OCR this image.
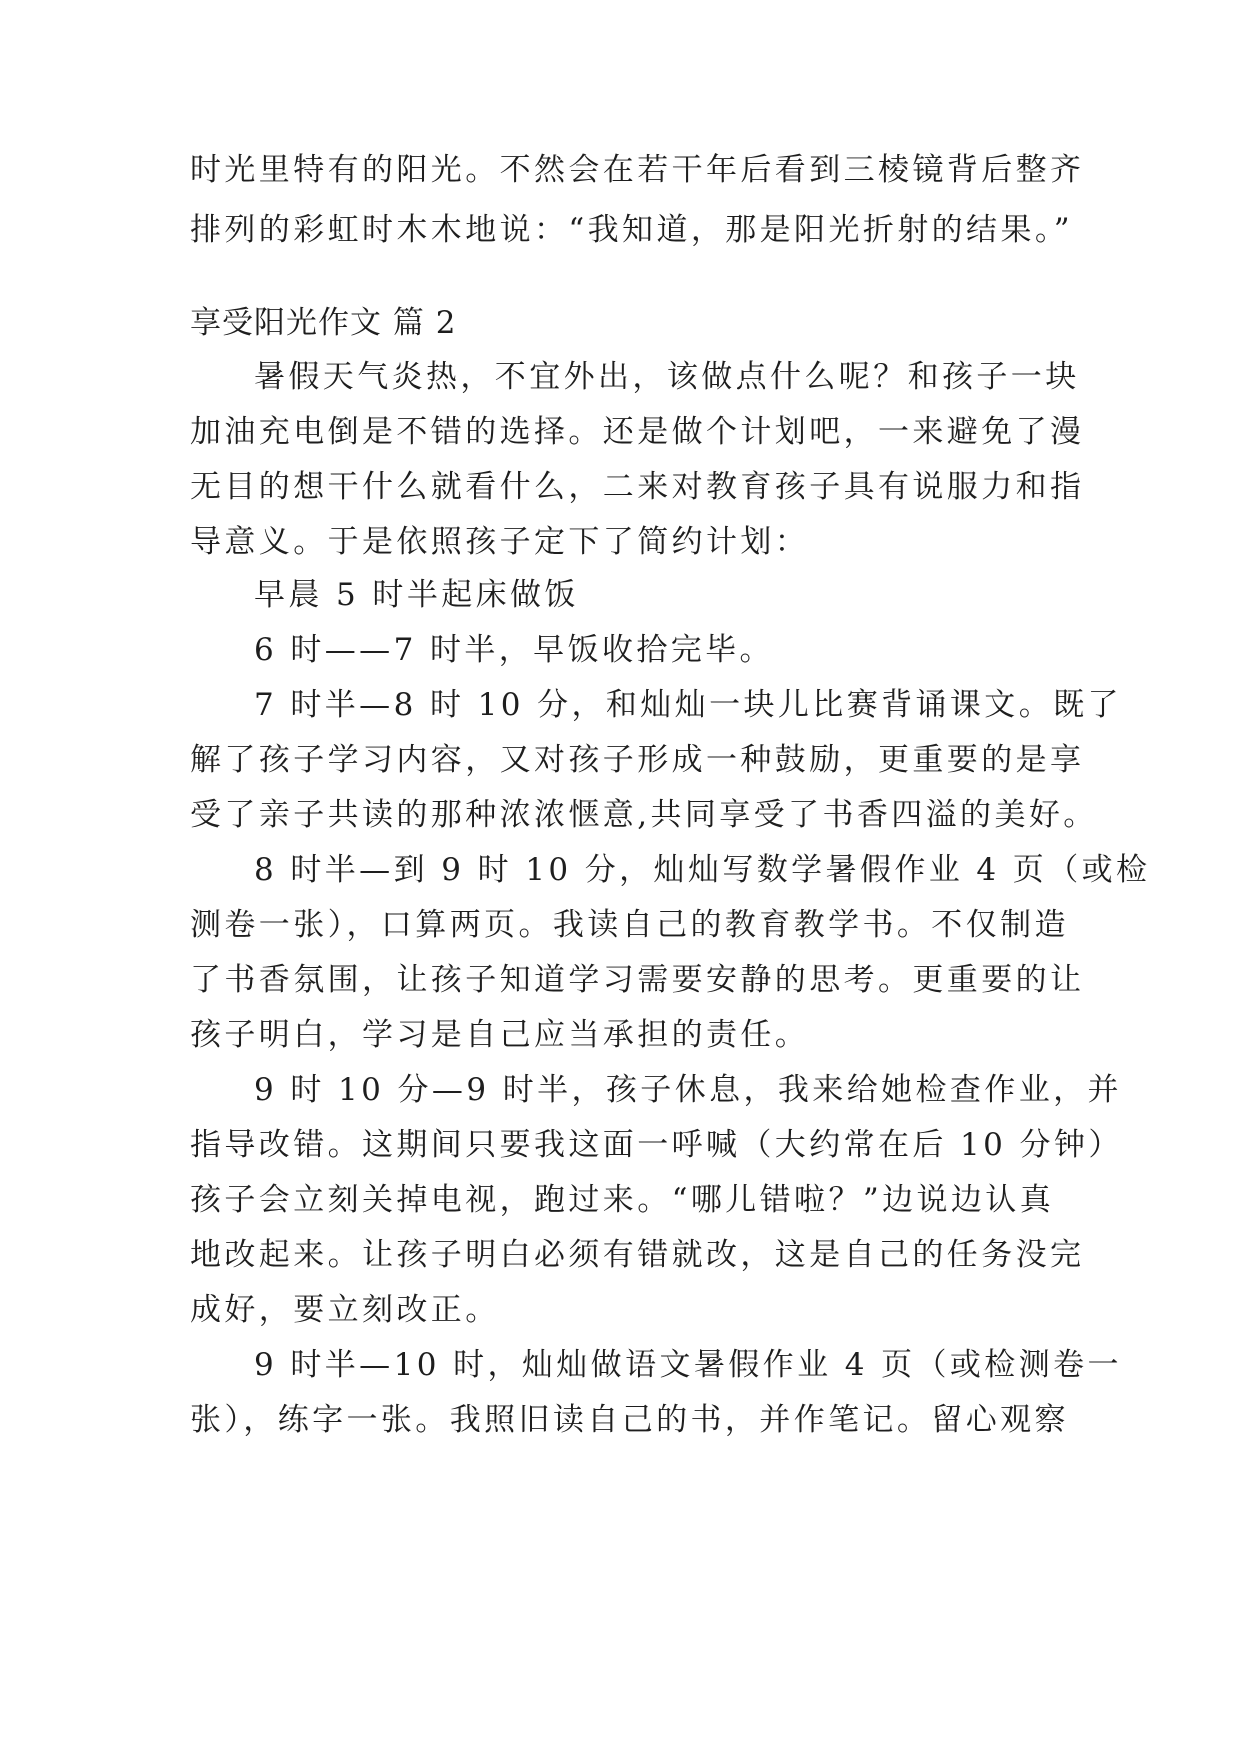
时光里特有的阳光。不然会在若干年后看到三棱镜背后整齐
排列的彩虹时木木地说：“我知道，那是阳光折射的结果。”
享受阳光作文 篇 2
暑假天气炎热，不宜外出，该做点什么呢？和孩子一块
加油充电倒是不错的选择。还是做个计划吧，一来避免了漫
无目的想干什么就看什么，二来对教育孩子具有说服力和指
导意义。于是依照孩子定下了简约计划：
早晨 5 时半起床做饭
6 时——7 时半，早饭收拾完毕。
7 时半—8 时 10 分，和灿灿一块儿比赛背诵课文。既了
解了孩子学习内容，又对孩子形成一种鼓励，更重要的是享
受了亲子共读的那种浓浓惬意,共同享受了书香四溢的美好。
8 时半—到 9 时 10 分，灿灿写数学暑假作业 4 页（或检
测卷一张），口算两页。我读自己的教育教学书。不仅制造
了书香氛围，让孩子知道学习需要安静的思考。更重要的让
孩子明白，学习是自己应当承担的责任。
9 时 10 分—9 时半，孩子休息，我来给她检查作业，并
指导改错。这期间只要我这面一呼喊（大约常在后 10 分钟）
孩子会立刻关掉电视，跑过来。“哪儿错啦？”边说边认真
地改起来。让孩子明白必须有错就改，这是自己的任务没完
成好，要立刻改正。
9 时半—10 时，灿灿做语文暑假作业 4 页（或检测卷一
张），练字一张。我照旧读自己的书，并作笔记。留心观察
